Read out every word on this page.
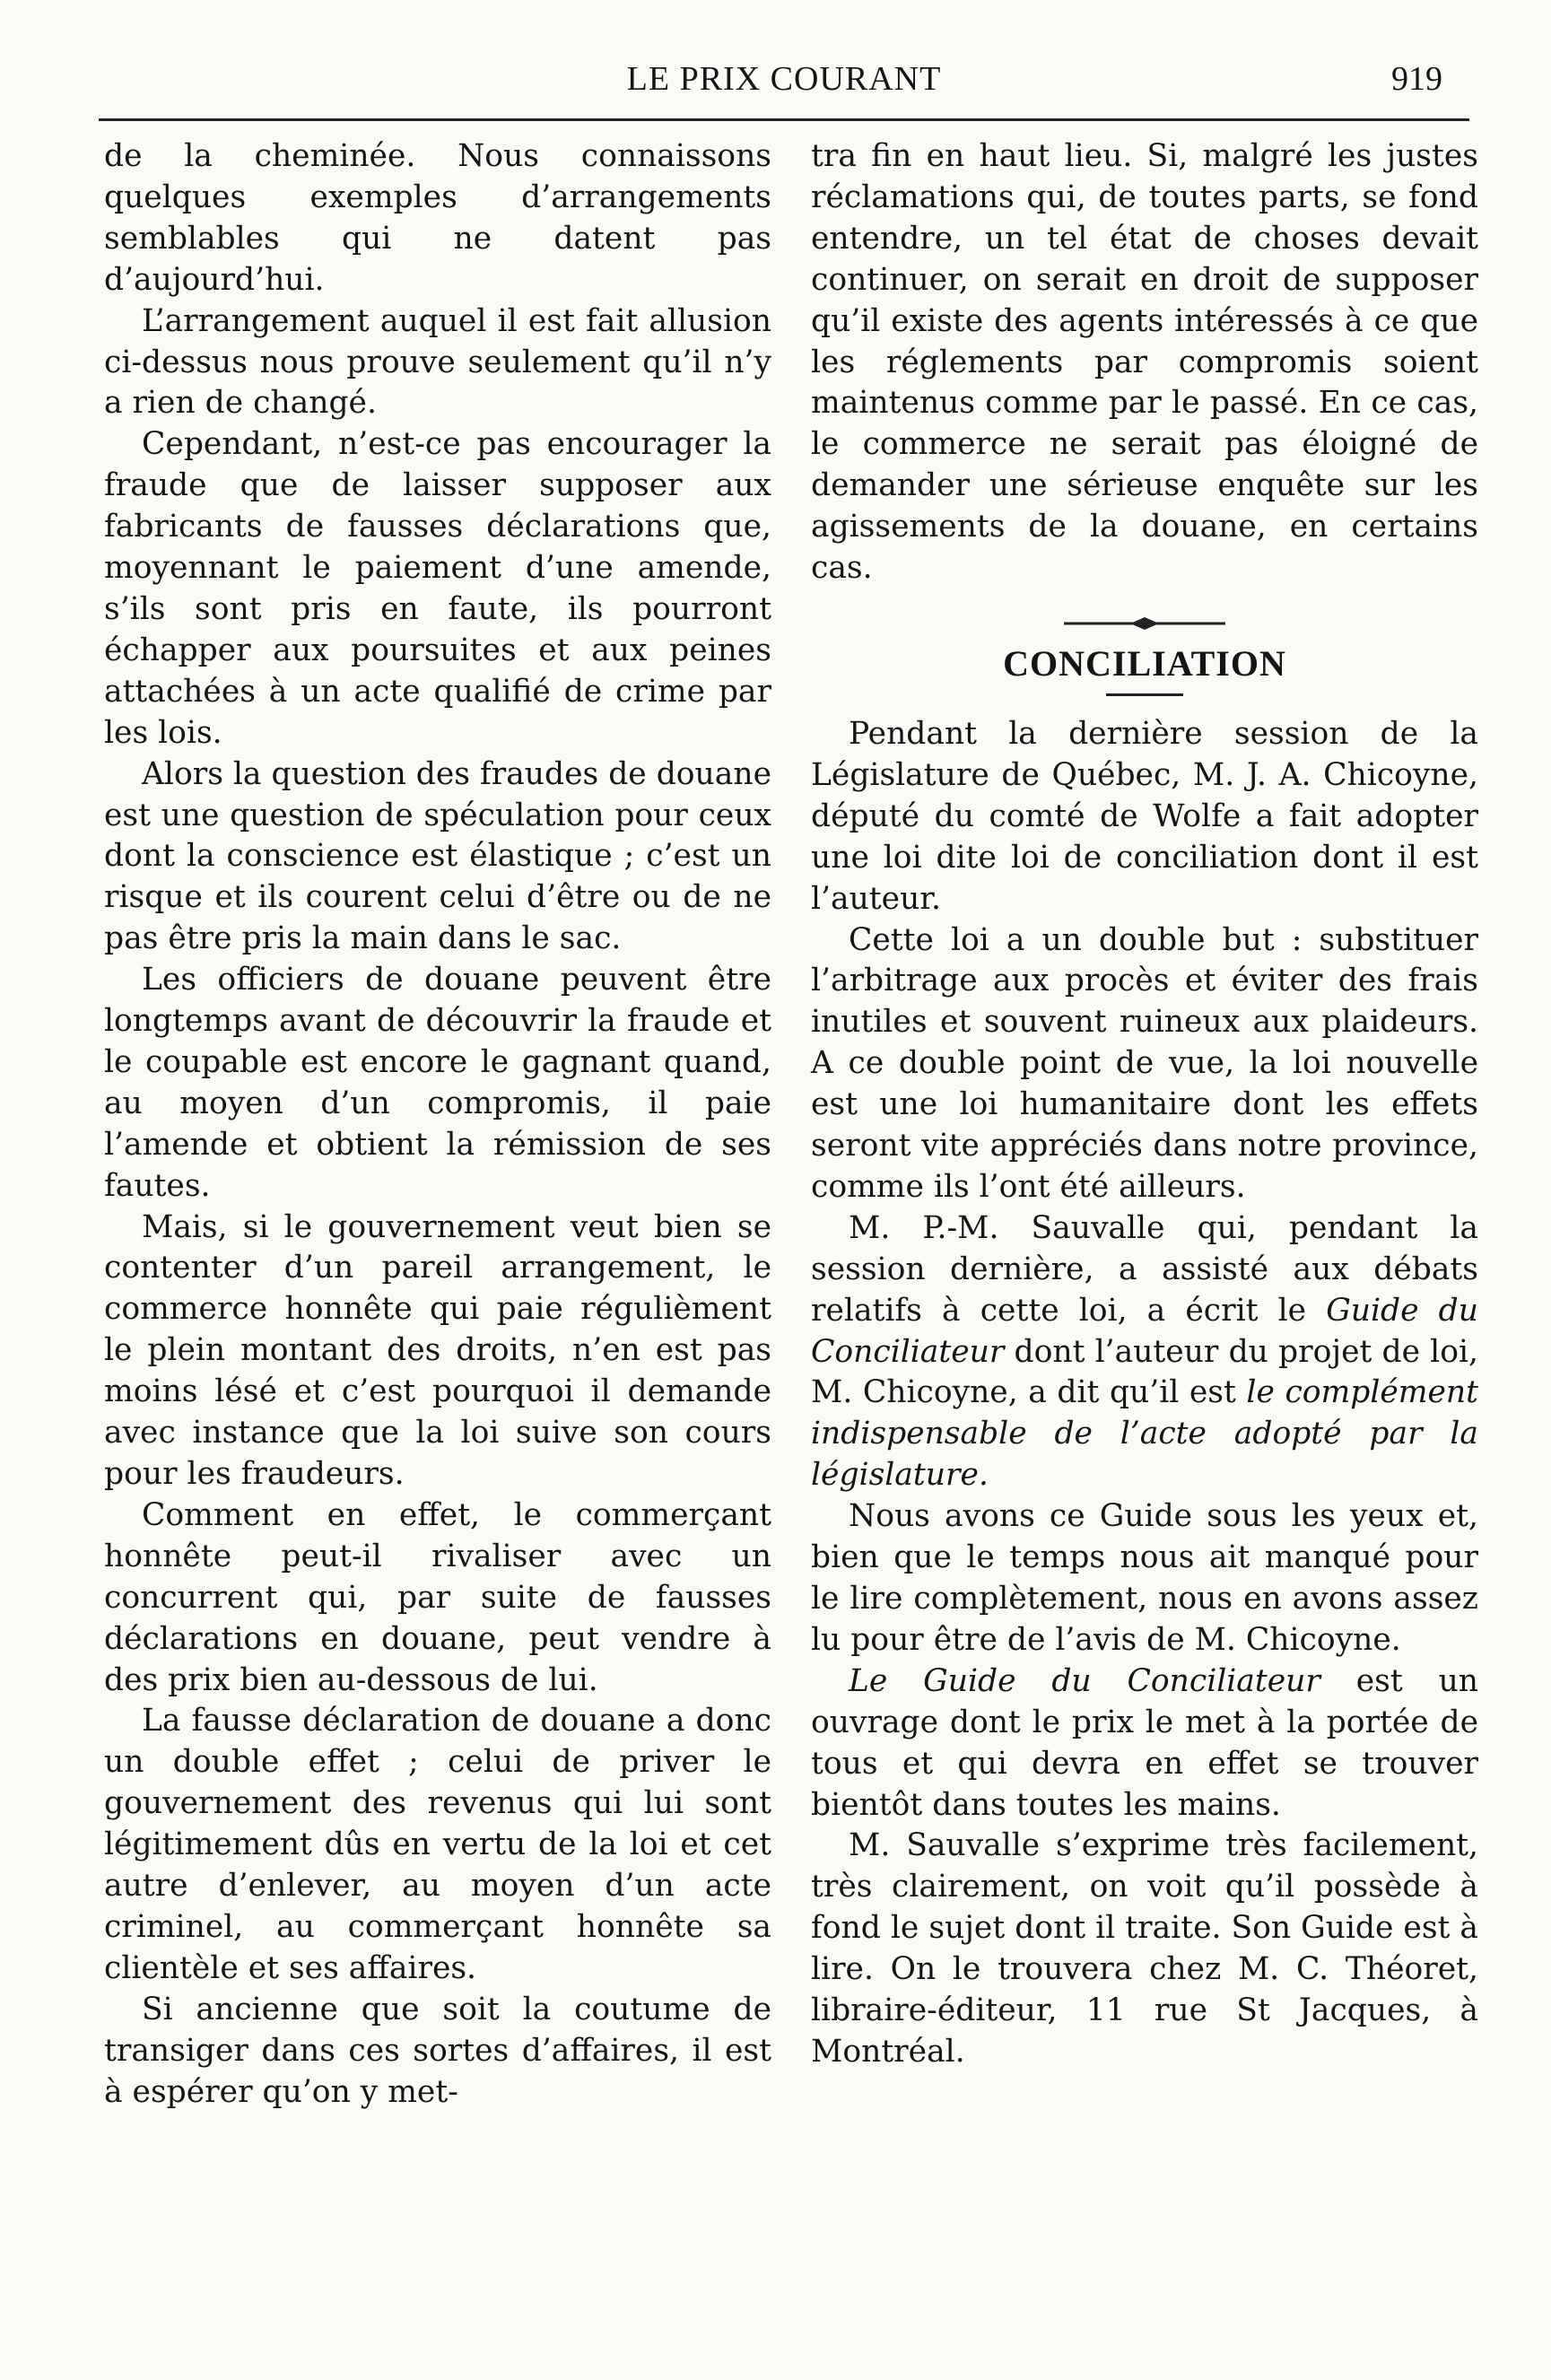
LE PRIX COURANT	919

de la cheminée. Nous connaissons quelques exemples d’arrangements semblables qui ne datent pas d’aujourd’hui.

L’arrangement auquel il est fait allusion ci-dessus nous prouve seulement qu’il n’y a rien de changé.

Cependant, n’est-ce pas encourager la fraude que de laisser supposer aux fabricants de fausses déclarations que, moyennant le paiement d’une amende, s’ils sont pris en faute, ils pourront échapper aux poursuites et aux peines attachées à un acte qualifié de crime par les lois.

Alors la question des fraudes de douane est une question de spéculation pour ceux dont la conscience est élastique ; c’est un risque et ils courent celui d’être ou de ne pas être pris la main dans le sac.

Les officiers de douane peuvent être longtemps avant de découvrir la fraude et le coupable est encore le gagnant quand, au moyen d’un compromis, il paie l’amende et obtient la rémission de ses fautes.

Mais, si le gouvernement veut bien se contenter d’un pareil arrangement, le commerce honnête qui paie régulièment le plein montant des droits, n’en est pas moins lésé et c’est pourquoi il demande avec instance que la loi suive son cours pour les fraudeurs.

Comment en effet, le commerçant honnête peut-il rivaliser avec un concurrent qui, par suite de fausses déclarations en douane, peut vendre à des prix bien au-dessous de lui.

La fausse déclaration de douane a donc un double effet ; celui de priver le gouvernement des revenus qui lui sont légitimement dûs en vertu de la loi et cet autre d’enlever, au moyen d’un acte criminel, au commerçant honnête sa clientèle et ses affaires.

Si ancienne que soit la coutume de transiger dans ces sortes d’affaires, il est à espérer qu’on y met-

tra fin en haut lieu. Si, malgré les justes réclamations qui, de toutes parts, se fond entendre, un tel état de choses devait continuer, on serait en droit de supposer qu’il existe des agents intéressés à ce que les réglements par compromis soient maintenus comme par le passé. En ce cas, le commerce ne serait pas éloigné de demander une sérieuse enquête sur les agissements de la douane, en certains cas.

CONCILIATION

Pendant la dernière session de la Législature de Québec, M. J. A. Chicoyne, député du comté de Wolfe a fait adopter une loi dite loi de conciliation dont il est l’auteur.

Cette loi a un double but : substituer l’arbitrage aux procès et éviter des frais inutiles et souvent ruineux aux plaideurs. A ce double point de vue, la loi nouvelle est une loi humanitaire dont les effets seront vite appréciés dans notre province, comme ils l’ont été ailleurs.

M. P.-M. Sauvalle qui, pendant la session dernière, a assisté aux débats relatifs à cette loi, a écrit le Guide du Conciliateur dont l’auteur du projet de loi, M. Chicoyne, a dit qu’il est le complément indispensable de l’acte adopté par la législature.

Nous avons ce Guide sous les yeux et, bien que le temps nous ait manqué pour le lire complètement, nous en avons assez lu pour être de l’avis de M. Chicoyne.

Le Guide du Conciliateur est un ouvrage dont le prix le met à la portée de tous et qui devra en effet se trouver bientôt dans toutes les mains.

M. Sauvalle s’exprime très facilement, très clairement, on voit qu’il possède à fond le sujet dont il traite. Son Guide est à lire. On le trouvera chez M. C. Théoret, libraire-éditeur, 11 rue St Jacques, à Montréal.
